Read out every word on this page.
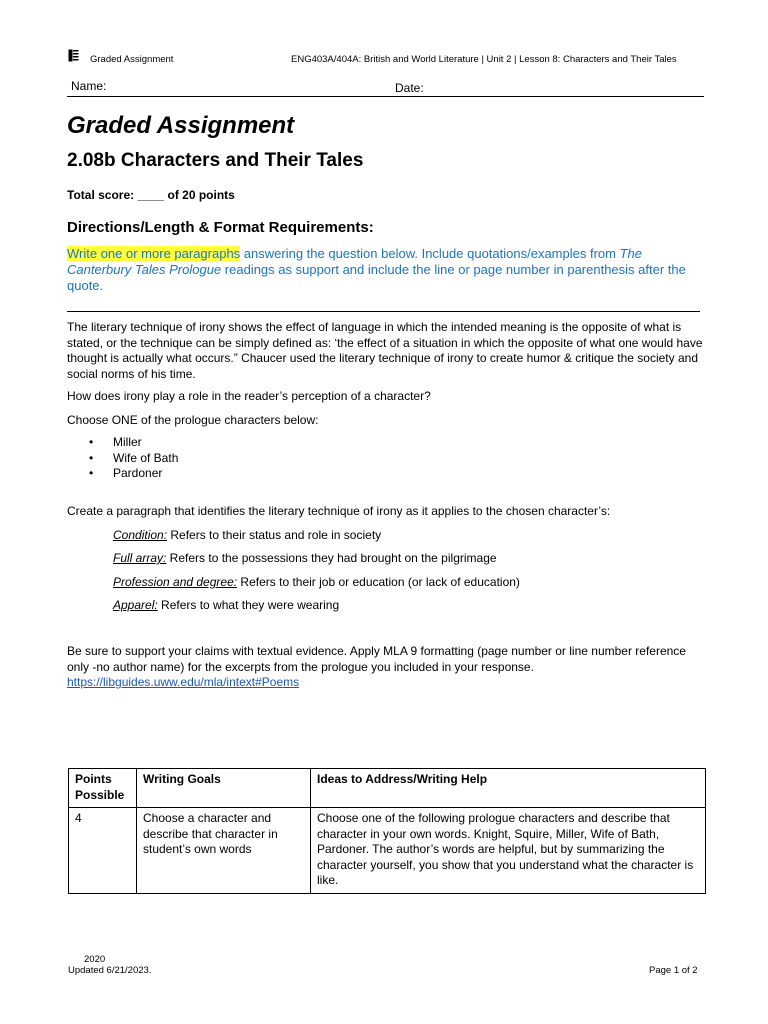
Graded Assignment	ENG403A/404A: British and World Literature | Unit 2 | Lesson 8: Characters and Their Tales
Name:	Date:
Graded Assignment
2.08b Characters and Their Tales
Total score: ____ of 20 points
Directions/Length & Format Requirements:
Write one or more paragraphs answering the question below. Include quotations/examples from The Canterbury Tales Prologue readings as support and include the line or page number in parenthesis after the quote.
The literary technique of irony shows the effect of language in which the intended meaning is the opposite of what is stated, or the technique can be simply defined as: ‘the effect of a situation in which the opposite of what one would have thought is actually what occurs.” Chaucer used the literary technique of irony to create humor & critique the society and social norms of his time.
How does irony play a role in the reader’s perception of a character?
Choose ONE of the prologue characters below:
•	Miller
•	Wife of Bath
•	Pardoner
Create a paragraph that identifies the literary technique of irony as it applies to the chosen character’s:
Condition: Refers to their status and role in society
Full array: Refers to the possessions they had brought on the pilgrimage
Profession and degree: Refers to their job or education (or lack of education)
Apparel: Refers to what they were wearing
Be sure to support your claims with textual evidence. Apply MLA 9 formatting (page number or line number reference only -no author name) for the excerpts from the prologue you included in your response.
https://libguides.uww.edu/mla/intext#Poems
Points Possible	Writing Goals	Ideas to Address/Writing Help
4	Choose a character and describe that character in student’s own words	Choose one of the following prologue characters and describe that character in your own words. Knight, Squire, Miller, Wife of Bath, Pardoner. The author’s words are helpful, but by summarizing the character yourself, you show that you understand what the character is like.
2020
Updated 6/21/2023.	Page 1 of 2
